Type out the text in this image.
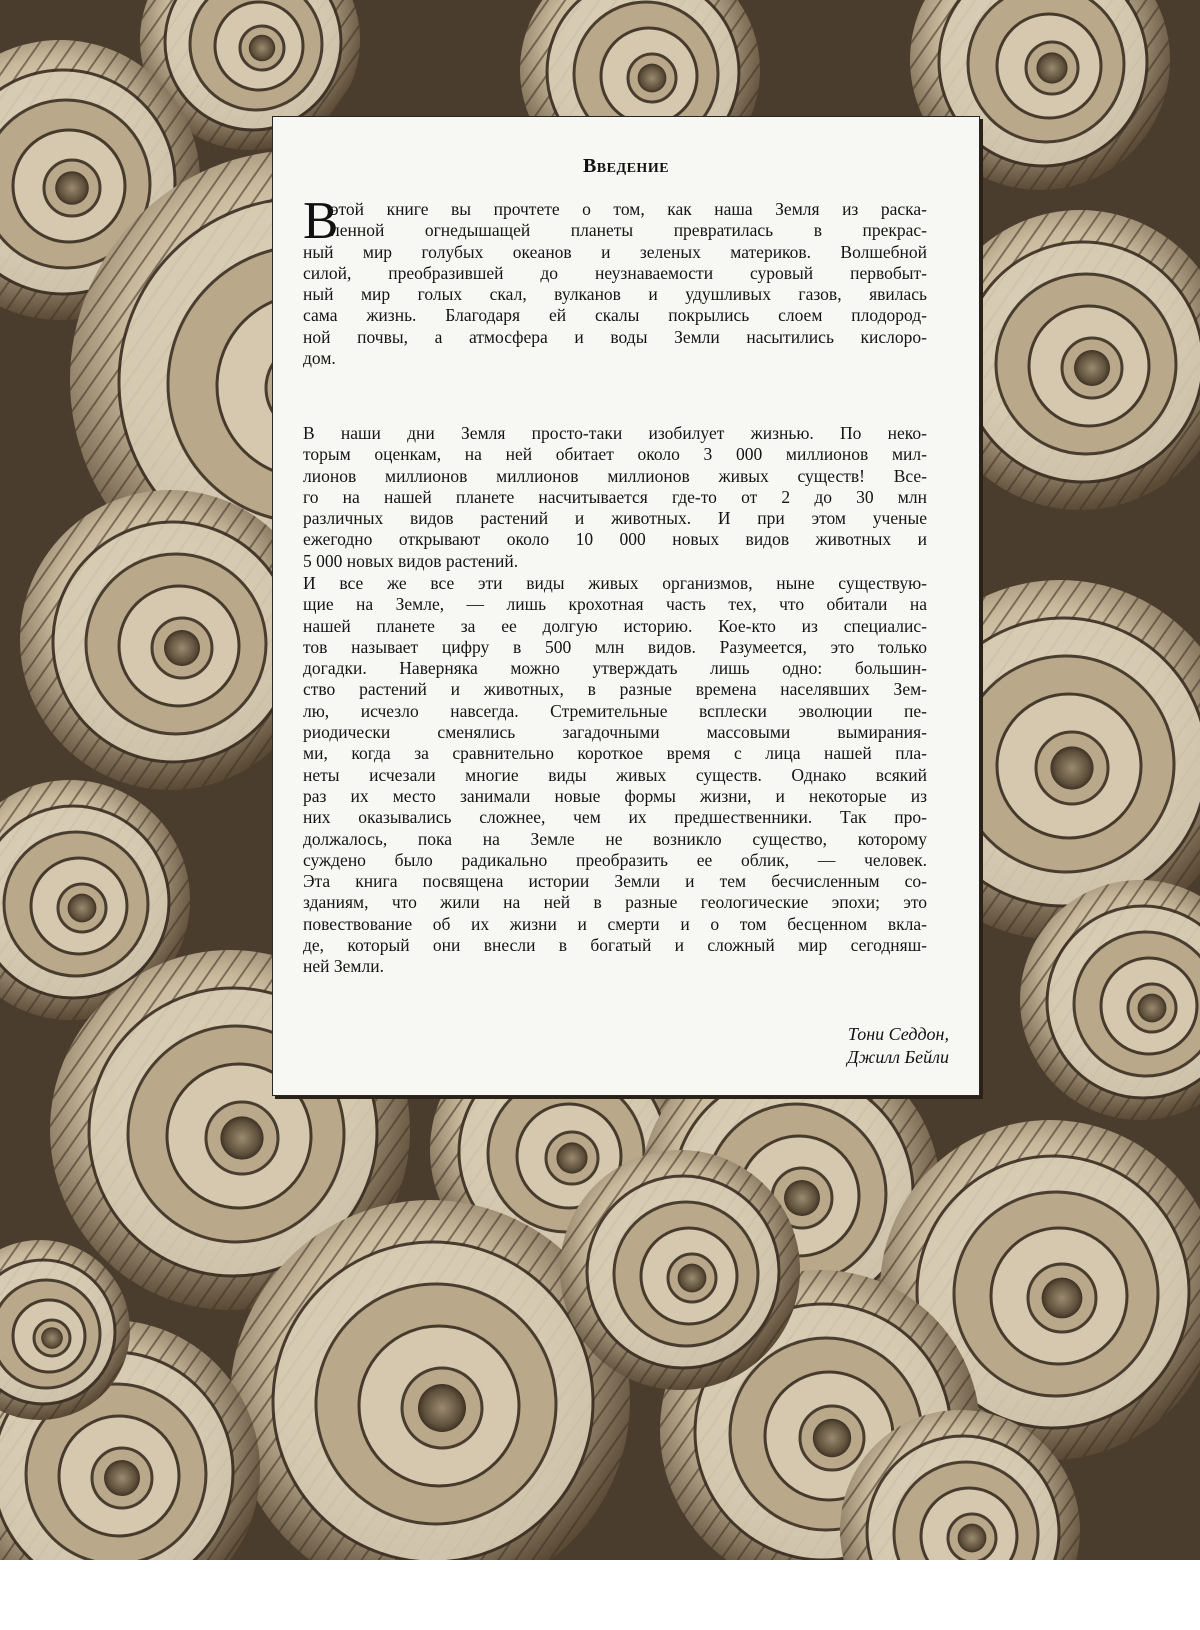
Введение

В

этой книге вы прочтете о том, как наша Земля из раска-
ленной огнедышащей планеты превратилась в прекрас-
ный мир голубых океанов и зеленых материков. Волшебной
силой, преобразившей до неузнаваемости суровый первобыт-
ный мир голых скал, вулканов и удушливых газов, явилась
сама жизнь. Благодаря ей скалы покрылись слоем плодород-
ной почвы, а атмосфера и воды Земли насытились кислоро-
дом.

В наши дни Земля просто-таки изобилует жизнью. По неко-
торым оценкам, на ней обитает около 3 000 миллионов мил-
лионов миллионов миллионов миллионов живых существ! Все-
го на нашей планете насчитывается где-то от 2 до 30 млн
различных видов растений и животных. И при этом ученые
ежегодно открывают около 10 000 новых видов животных и
5 000 новых видов растений.

И все же все эти виды живых организмов, ныне существую-
щие на Земле, — лишь крохотная часть тех, что обитали на
нашей планете за ее долгую историю. Кое-кто из специалис-
тов называет цифру в 500 млн видов. Разумеется, это только
догадки. Наверняка можно утверждать лишь одно: большин-
ство растений и животных, в разные времена населявших Зем-
лю, исчезло навсегда. Стремительные всплески эволюции пе-
риодически сменялись загадочными массовыми вымирания-
ми, когда за сравнительно короткое время с лица нашей пла-
неты исчезали многие виды живых существ. Однако всякий
раз их место занимали новые формы жизни, и некоторые из
них оказывались сложнее, чем их предшественники. Так про-
должалось, пока на Земле не возникло существо, которому
суждено было радикально преобразить ее облик, — человек.
Эта книга посвящена истории Земли и тем бесчисленным со-
зданиям, что жили на ней в разные геологические эпохи; это
повествование об их жизни и смерти и о том бесценном вкла-
де, который они внесли в богатый и сложный мир сегодняш-
ней Земли.

Тони Седдон,
Джилл Бейли
